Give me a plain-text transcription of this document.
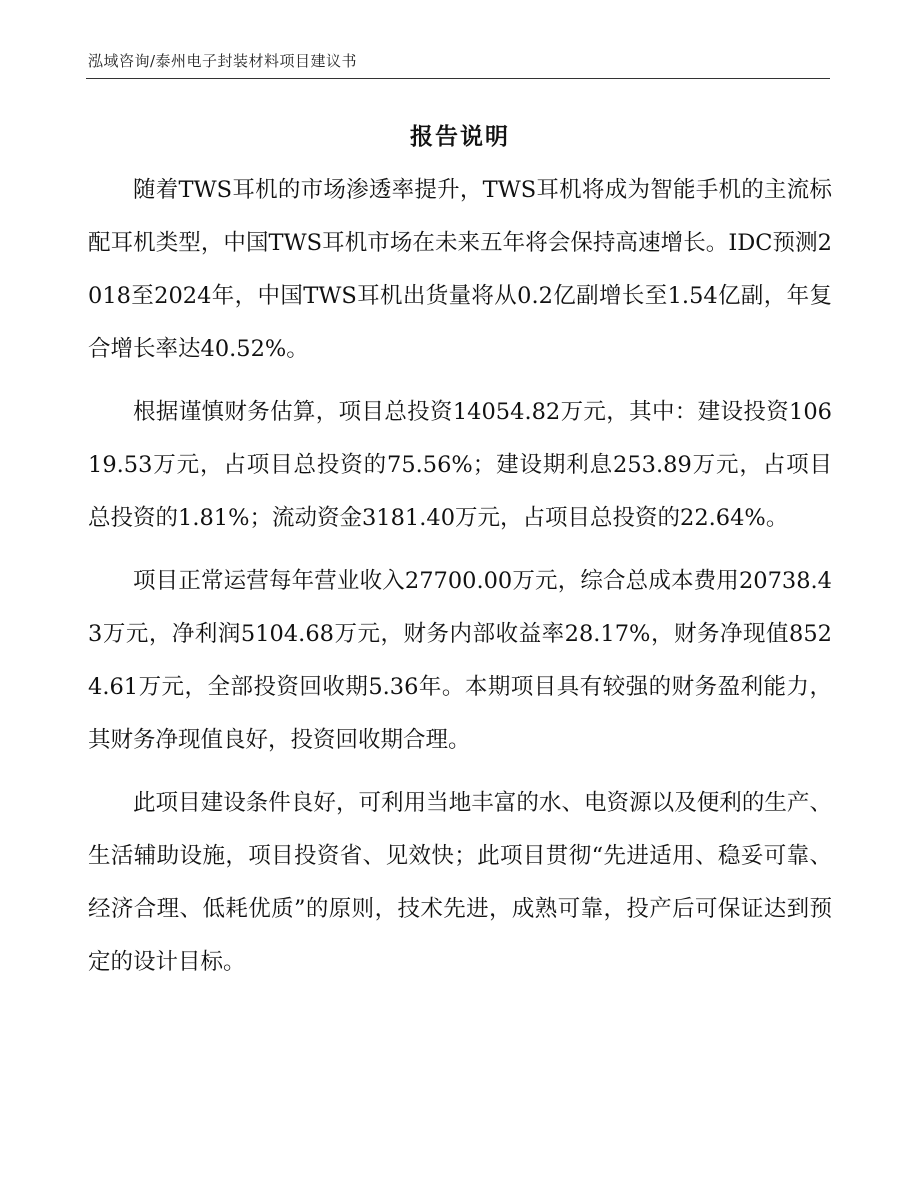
泓域咨询/泰州电子封装材料项目建议书
报告说明

随着TWS耳机的市场渗透率提升，TWS耳机将成为智能手机的主流标配耳机类型，中国TWS耳机市场在未来五年将会保持高速增长。IDC预测2018至2024年，中国TWS耳机出货量将从0.2亿副增长至1.54亿副，年复合增长率达40.52%。

根据谨慎财务估算，项目总投资14054.82万元，其中：建设投资10619.53万元，占项目总投资的75.56%；建设期利息253.89万元，占项目总投资的1.81%；流动资金3181.40万元，占项目总投资的22.64%。

项目正常运营每年营业收入27700.00万元，综合总成本费用20738.43万元，净利润5104.68万元，财务内部收益率28.17%，财务净现值8524.61万元，全部投资回收期5.36年。本期项目具有较强的财务盈利能力，其财务净现值良好，投资回收期合理。

此项目建设条件良好，可利用当地丰富的水、电资源以及便利的生产、生活辅助设施，项目投资省、见效快；此项目贯彻“先进适用、稳妥可靠、经济合理、低耗优质”的原则，技术先进，成熟可靠，投产后可保证达到预定的设计目标。
